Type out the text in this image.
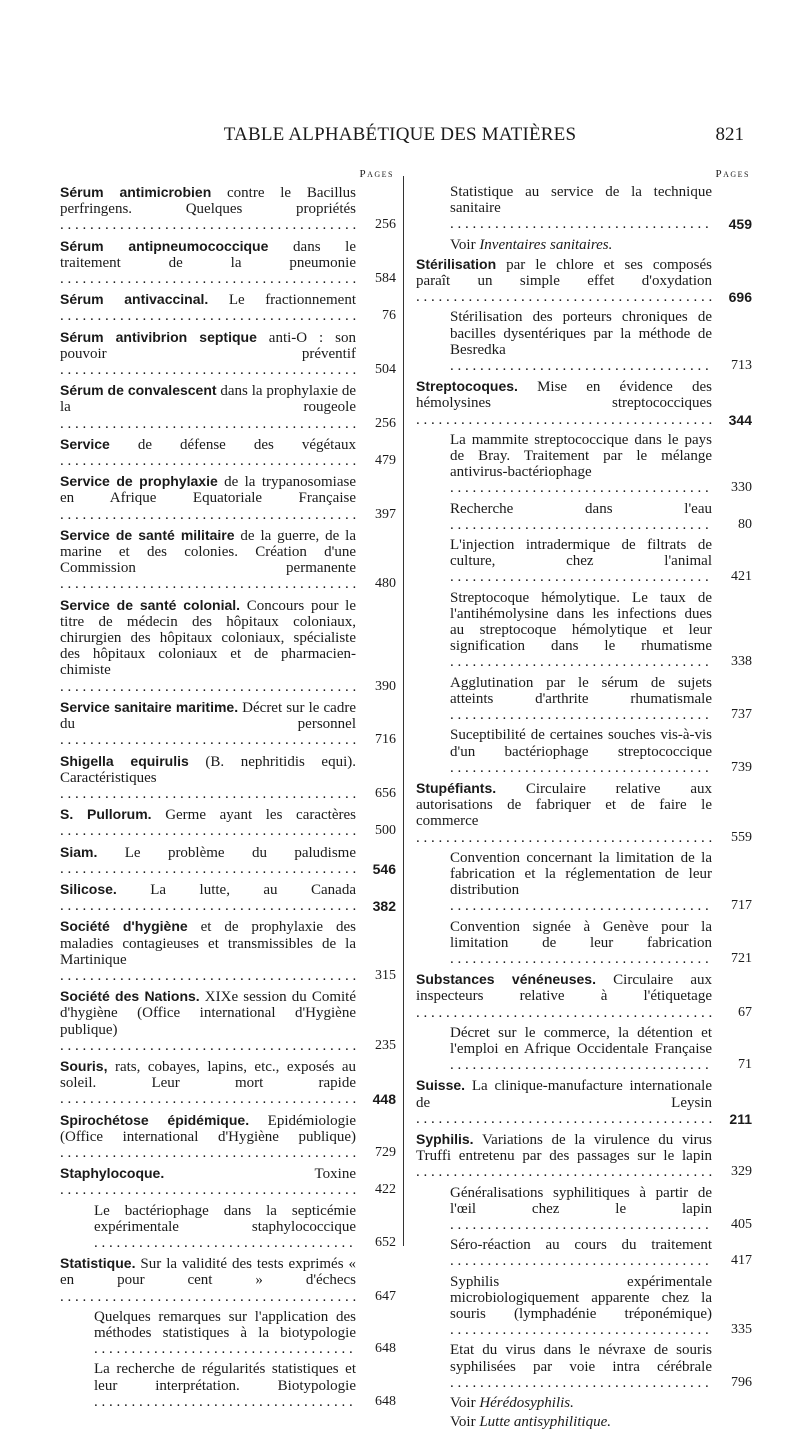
TABLE ALPHABÉTIQUE DES MATIÈRES	821
Pages
Sérum antimicrobien contre le Bacillus perfringens. Quelques propriétés . . .
256
Sérum antipneumococcique dans le traitement de la pneumonie . . .
584
Sérum antivaccinal. Le fractionnement . . .
76
Sérum antivibrion septique anti-O : son pouvoir préventif . . .
504
Sérum de convalescent dans la prophylaxie de la rougeole . . .
256
Service de défense des végétaux . . .
479
Service de prophylaxie de la trypanosomiase en Afrique Equatoriale Française . . .
397
Service de santé militaire de la guerre, de la marine et des colonies. Création d'une Commission permanente . . .
480
Service de santé colonial. Concours pour le titre de médecin des hôpitaux coloniaux, chirurgien des hôpitaux coloniaux, spécialiste des hôpitaux coloniaux et de pharmacien-chimiste . . .
390
Service sanitaire maritime. Décret sur le cadre du personnel . . .
716
Shigella equirulis (B. nephritidis equi). Caractéristiques . . .
656
S. Pullorum. Germe ayant les caractères . . .
500
Siam. Le problème du paludisme . . .
546
Silicose. La lutte, au Canada . . .
382
Société d'hygiène et de prophylaxie des maladies contagieuses et transmissibles de la Martinique . . .
315
Société des Nations. XIXe session du Comité d'hygiène (Office international d'Hygiène publique) . . .
235
Souris, rats, cobayes, lapins, etc., exposés au soleil. Leur mort rapide . . .
448
Spirochétose épidémique. Epidémiologie (Office international d'Hygiène publique) . . .
729
Staphylocoque. Toxine . . .
422
Le bactériophage dans la septicémie expérimentale staphylococcique . . .
652
Statistique. Sur la validité des tests exprimés « en pour cent » d'échecs . . .
647
Quelques remarques sur l'application des méthodes statistiques à la biotypologie . . .
648
La recherche de régularités statistiques et leur interprétation. Biotypologie . . .
648
Pages
Statistique au service de la technique sanitaire . . .
459
Voir Inventaires sanitaires.
Stérilisation par le chlore et ses composés paraît un simple effet d'oxydation . . .
696
Stérilisation des porteurs chroniques de bacilles dysentériques par la méthode de Besredka . . .
713
Streptocoques. Mise en évidence des hémolysines streptococciques . . .
344
La mammite streptococcique dans le pays de Bray. Traitement par le mélange antivirus-bactériophage . . .
330
Recherche dans l'eau . . .
80
L'injection intradermique de filtrats de culture, chez l'animal . . .
421
Streptocoque hémolytique. Le taux de l'antihémolysine dans les infections dues au streptocoque hémolytique et leur signification dans le rhumatisme . . .
338
Agglutination par le sérum de sujets atteints d'arthrite rhumatismale . . .
737
Suceptibilité de certaines souches vis-à-vis d'un bactériophage streptococcique . . .
739
Stupéfiants. Circulaire relative aux autorisations de fabriquer et de faire le commerce . . .
559
Convention concernant la limitation de la fabrication et la réglementation de leur distribution . . .
717
Convention signée à Genève pour la limitation de leur fabrication . . .
721
Substances vénéneuses. Circulaire aux inspecteurs relative à l'étiquetage . . .
67
Décret sur le commerce, la détention et l'emploi en Afrique Occidentale Française . . .
71
Suisse. La clinique-manufacture internationale de Leysin . . .
211
Syphilis. Variations de la virulence du virus Truffi entretenu par des passages sur le lapin . . .
329
Généralisations syphilitiques à partir de l'œil chez le lapin . . .
405
Séro-réaction au cours du traitement . . .
417
Syphilis expérimentale microbiologiquement apparente chez la souris (lymphadénie tréponémique) . . .
335
Etat du virus dans le névraxe de souris syphilisées par voie intra cérébrale . . .
796
Voir Hérédosyphilis.
Voir Lutte antisyphilitique.
